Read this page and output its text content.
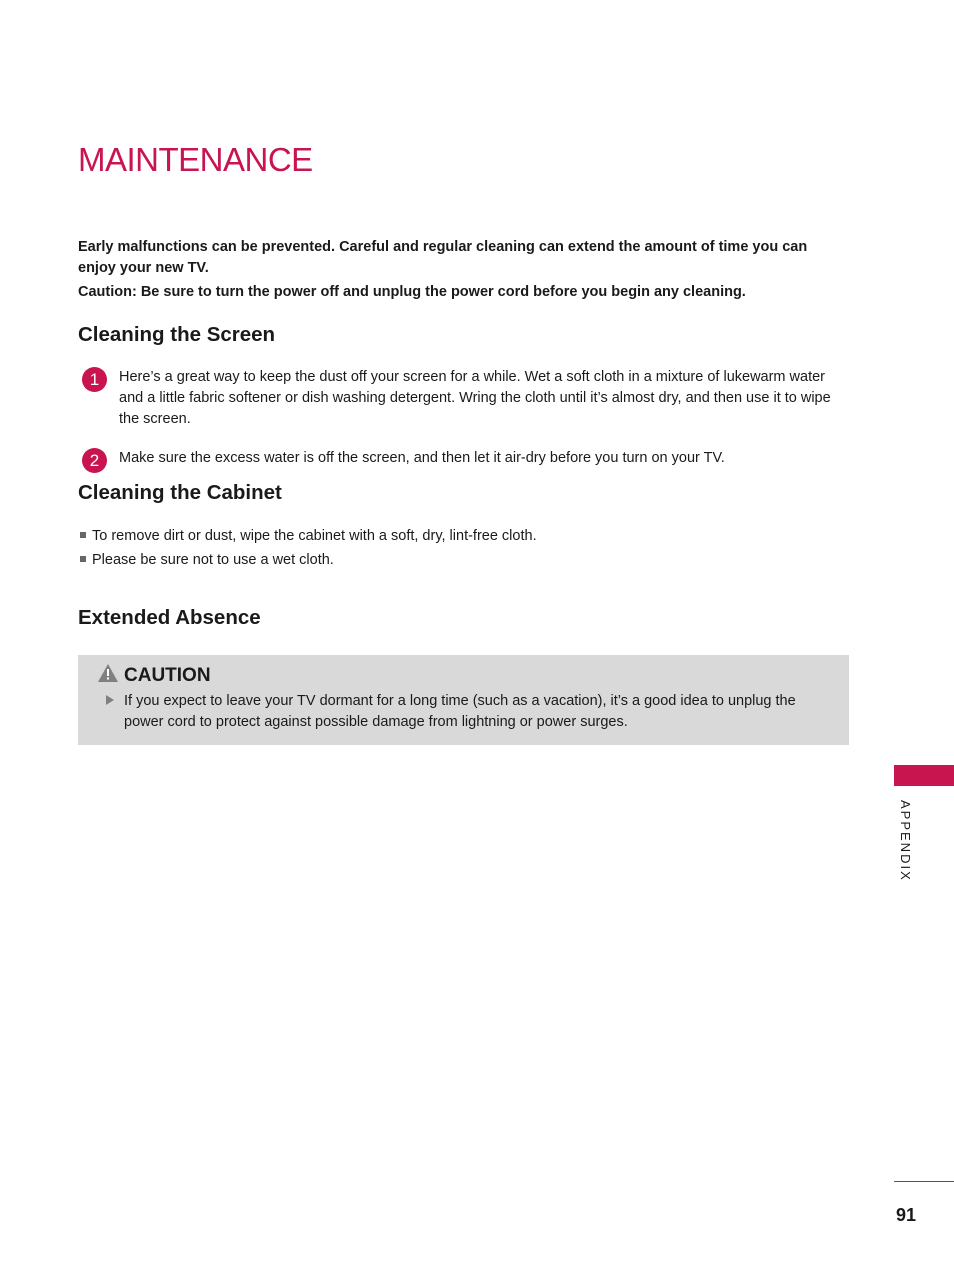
MAINTENANCE

Early malfunctions can be prevented. Careful and regular cleaning can extend the amount of time you can enjoy your new TV.

Caution: Be sure to turn the power off and unplug the power cord before you begin any cleaning.

Cleaning the Screen
1	Here’s a great way to keep the dust off your screen for a while. Wet a soft cloth in a mixture of lukewarm water and a little fabric softener or dish washing detergent. Wring the cloth until it’s almost dry, and then use it to wipe the screen.

2	Make sure the excess water is off the screen, and then let it air-dry before you turn on your TV.

Cleaning the Cabinet
To remove dirt or dust, wipe the cabinet with a soft, dry, lint-free cloth.
Please be sure not to use a wet cloth.
Extended Absence

CAUTION

If you expect to leave your TV dormant for a long time (such as a vacation), it’s a good idea to unplug the power cord to protect against possible damage from lightning or power surges.

APPENDIX
91
